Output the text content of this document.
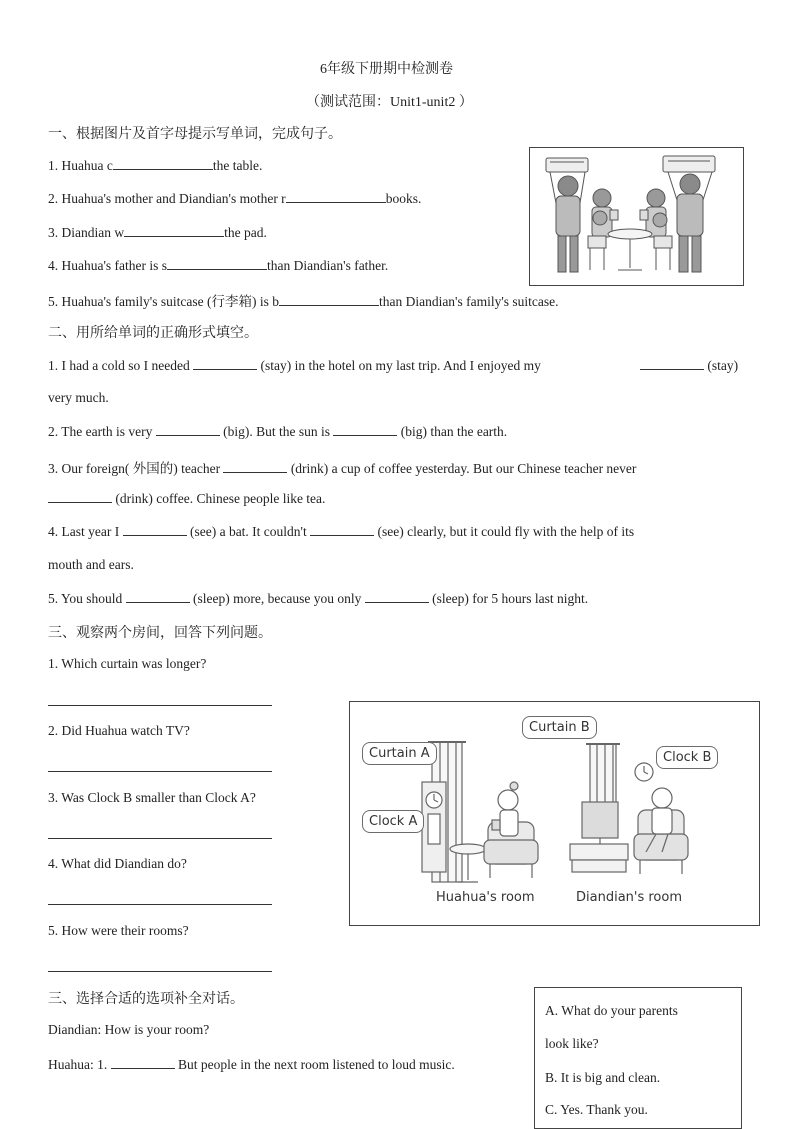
6年级下册期中检测卷
（测试范围：Unit1-unit2 ）
一、根据图片及首字母提示写单词，完成句子。
1. Huahua c	the table.
2. Huahua's mother and Diandian's mother r	books.
3. Diandian w	the pad.
4. Huahua's father is s	than Diandian's father.
5. Huahua's family's suitcase (行李箱) is b	than Diandian's family's suitcase.
二、用所给单词的正确形式填空。
1. I had a cold so I needed	(stay) in the hotel on my last trip. And I enjoyed my	(stay)
very much.
2. The earth is very	(big). But the sun is	(big) than the earth.
3. Our foreign( 外国的) teacher	(drink) a cup of coffee yesterday. But our Chinese teacher never
(drink) coffee. Chinese people like tea.
4. Last year I	(see) a bat. It couldn't	(see) clearly, but it could fly with the help of its
mouth and ears.
5. You should	(sleep) more, because you only	(sleep) for 5 hours last night.
三、观察两个房间，回答下列问题。
1. Which curtain was longer?
2. Did Huahua watch TV?
3. Was Clock B smaller than Clock A?
4. What did Diandian do?
5. How were their rooms?
Curtain A
Curtain B
Clock A
Clock B
Huahua's room	Diandian's room
三、选择合适的选项补全对话。
Diandian: How is your room?
Huahua: 1.	But people in the next room listened to loud music.
A. What do your parents
look like?
B. It is big and clean.
C. Yes. Thank you.
